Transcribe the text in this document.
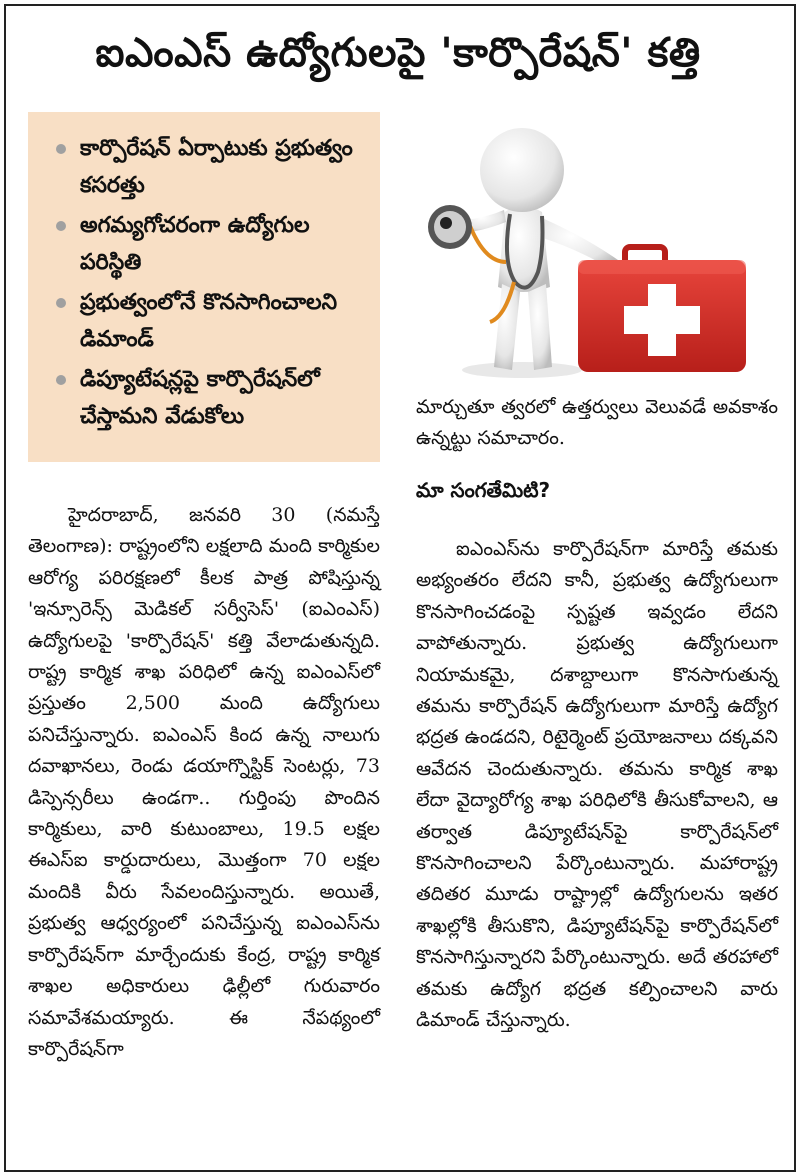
ఐఎంఎస్ ఉద్యోగులపై 'కార్పొరేషన్' కత్తి
కార్పొరేషన్ ఏర్పాటుకు ప్రభుత్వం కసరత్తు
అగమ్యగోచరంగా ఉద్యోగుల పరిస్థితి
ప్రభుత్వంలోనే కొనసాగించాలని డిమాండ్
డిప్యూటేషన్లపై కార్పొరేషన్‌లో చేస్తామని వేడుకోలు

హైదరాబాద్, జనవరి 30 (నమస్తే తెలంగాణ): రాష్ట్రంలోని లక్షలాది మంది కార్మికుల ఆరోగ్య పరిరక్షణలో కీలక పాత్ర పోషిస్తున్న 'ఇన్సూరెన్స్ మెడికల్ సర్వీసెస్' (ఐఎంఎస్) ఉద్యోగులపై 'కార్పొరేషన్' కత్తి వేలాడుతున్నది. రాష్ట్ర కార్మిక శాఖ పరిధిలో ఉన్న ఐఎంఎస్‌లో ప్రస్తుతం 2,500 మంది ఉద్యోగులు పనిచేస్తున్నారు. ఐఎంఎస్ కింద ఉన్న నాలుగు దవాఖానలు, రెండు డయాగ్నొస్టిక్ సెంటర్లు, 73 డిస్పెన్సరీలు ఉండగా.. గుర్తింపు పొందిన కార్మికులు, వారి కుటుంబాలు, 19.5 లక్షల ఈఎస్ఐ కార్డుదారులు, మొత్తంగా 70 లక్షల మందికి వీరు సేవలందిస్తున్నారు. అయితే, ప్రభుత్వ ఆధ్వర్యంలో పనిచేస్తున్న ఐఎంఎస్‌ను కార్పొరేషన్‌గా మార్చేందుకు కేంద్ర, రాష్ట్ర కార్మిక శాఖల అధికారులు ఢిల్లీలో గురువారం సమావేశమయ్యారు. ఈ నేపథ్యంలో కార్పొరేషన్‌గా

మార్చుతూ త్వరలో ఉత్తర్వులు వెలువడే అవకాశం ఉన్నట్టు సమాచారం.

మా సంగతేమిటి?

ఐఎంఎస్‌ను కార్పొరేషన్‌గా మారిస్తే తమకు అభ్యంతరం లేదని కానీ, ప్రభుత్వ ఉద్యోగులుగా కొనసాగించడంపై స్పష్టత ఇవ్వడం లేదని వాపోతున్నారు. ప్రభుత్వ ఉద్యోగులుగా నియామకమై, దశాబ్దాలుగా కొనసాగుతున్న తమను కార్పొరేషన్ ఉద్యోగులుగా మారిస్తే ఉద్యోగ భద్రత ఉండదని, రిటైర్మెంట్ ప్రయోజనాలు దక్కవని ఆవేదన చెందుతున్నారు. తమను కార్మిక శాఖ లేదా వైద్యారోగ్య శాఖ పరిధిలోకి తీసుకోవాలని, ఆ తర్వాత డిప్యూటేషన్‌పై కార్పొరేషన్‌లో కొనసాగించాలని పేర్కొంటున్నారు. మహారాష్ట్ర తదితర మూడు రాష్ట్రాల్లో ఉద్యోగులను ఇతర శాఖల్లోకి తీసుకొని, డిప్యూటేషన్‌పై కార్పొరేషన్‌లో కొనసాగిస్తున్నారని పేర్కొంటున్నారు. అదే తరహాలో తమకు ఉద్యోగ భద్రత కల్పించాలని వారు డిమాండ్ చేస్తున్నారు.
